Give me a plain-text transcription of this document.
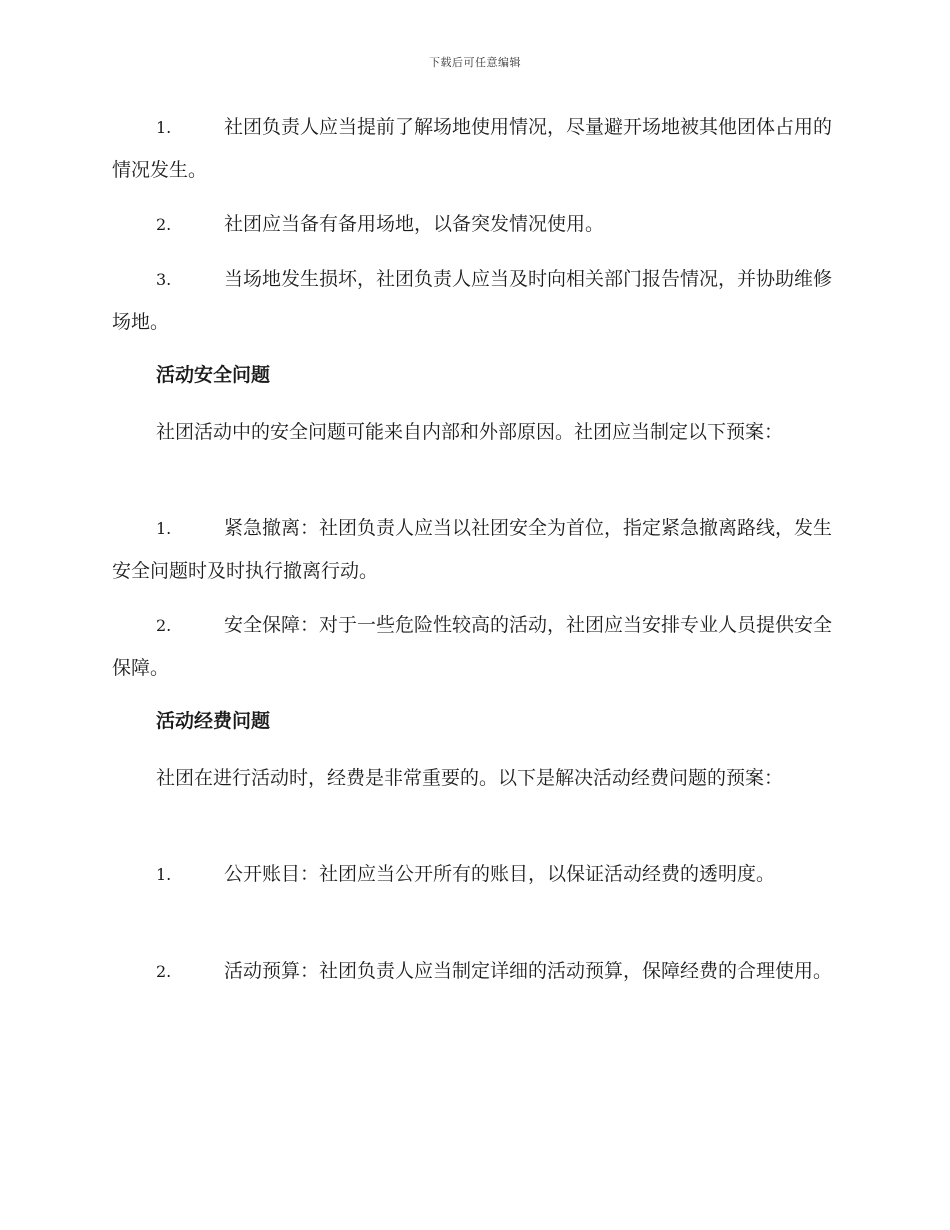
下载后可任意编辑
1.	社团负责人应当提前了解场地使用情况，尽量避开场地被其他团体占用的情况发生。
2.	社团应当备有备用场地，以备突发情况使用。
3.	当场地发生损坏，社团负责人应当及时向相关部门报告情况，并协助维修场地。
活动安全问题
社团活动中的安全问题可能来自内部和外部原因。社团应当制定以下预案：
1.	紧急撤离：社团负责人应当以社团安全为首位，指定紧急撤离路线，发生安全问题时及时执行撤离行动。
2.	安全保障：对于一些危险性较高的活动，社团应当安排专业人员提供安全保障。
活动经费问题
社团在进行活动时，经费是非常重要的。以下是解决活动经费问题的预案：
1.	公开账目：社团应当公开所有的账目，以保证活动经费的透明度。
2.	活动预算：社团负责人应当制定详细的活动预算，保障经费的合理使用。
